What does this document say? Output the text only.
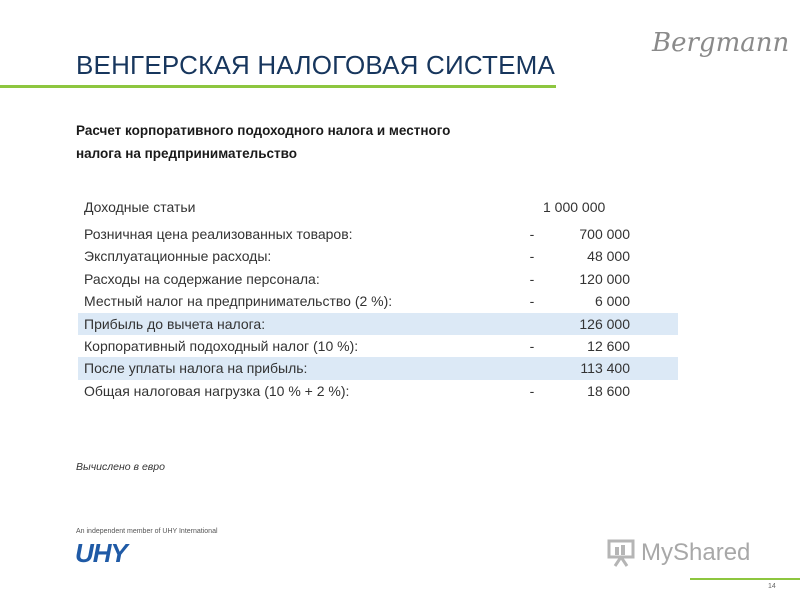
ВЕНГЕРСКАЯ НАЛОГОВАЯ СИСТЕМА
Bergmann
Расчет корпоративного подоходного налога и местного налога на предпринимательство
Доходные статьи	1 000 000
Розничная цена реализованных товаров:	-	700 000
Эксплуатационные расходы:	-	48 000
Расходы на содержание персонала:	-	120 000
Местный налог на предпринимательство (2 %):	-	6 000
Прибыль до вычета налога:	126 000
Корпоративный подоходный налог (10 %):	-	12 600
После уплаты налога на прибыль:	113 400
Общая налоговая нагрузка (10 % + 2 %):	-	18 600
Вычислено в евро
An independent member of UHY International
UHY	MyShared
14
